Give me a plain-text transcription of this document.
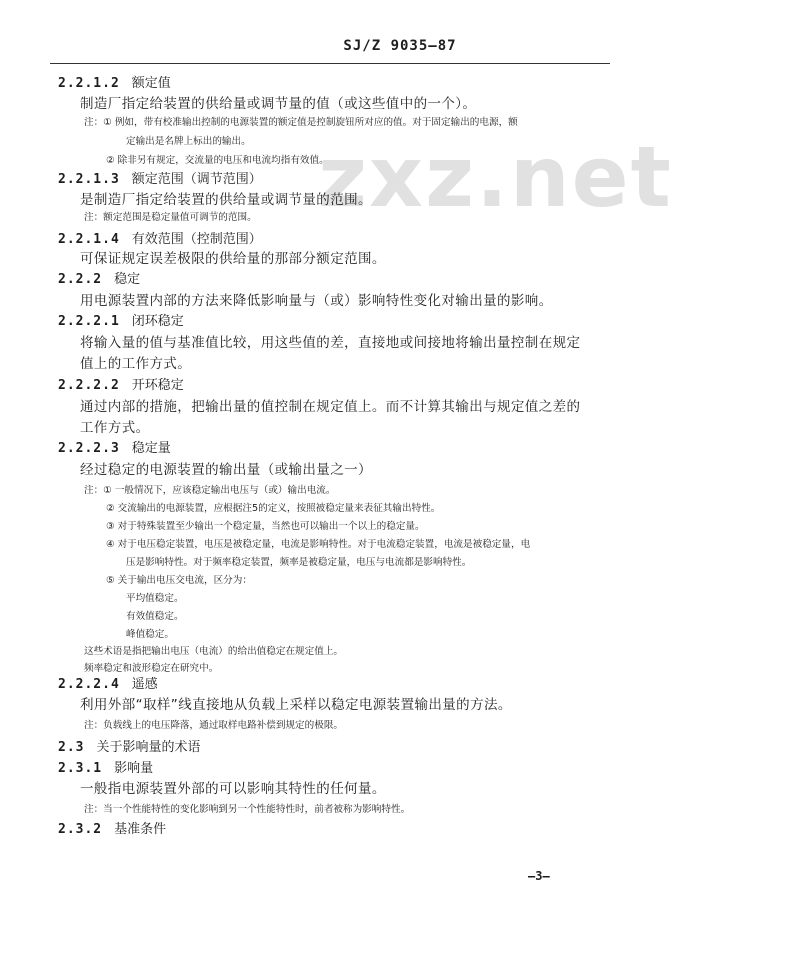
zxz.net
SJ/Z 9035—87
2.2.1.2 额定值
制造厂指定给装置的供给量或调节量的值（或这些值中的一个）。
注：① 例如，带有校准输出控制的电源装置的额定值是控制旋钮所对应的值。对于固定输出的电源，额
定输出是名牌上标出的输出。
② 除非另有规定，交流量的电压和电流均指有效值。
2.2.1.3 额定范围（调节范围）
是制造厂指定给装置的供给量或调节量的范围。
注：额定范围是稳定量值可调节的范围。
2.2.1.4 有效范围（控制范围）
可保证规定误差极限的供给量的那部分额定范围。
2.2.2 稳定
用电源装置内部的方法来降低影响量与（或）影响特性变化对输出量的影响。
2.2.2.1 闭环稳定
将输入量的值与基准值比较，用这些值的差，直接地或间接地将输出量控制在规定
值上的工作方式。
2.2.2.2 开环稳定
通过内部的措施，把输出量的值控制在规定值上。而不计算其输出与规定值之差的
工作方式。
2.2.2.3 稳定量
经过稳定的电源装置的输出量（或输出量之一）
注：① 一般情况下，应该稳定输出电压与（或）输出电流。
② 交流输出的电源装置，应根据注5的定义，按照被稳定量来表征其输出特性。
③ 对于特殊装置至少输出一个稳定量，当然也可以输出一个以上的稳定量。
④ 对于电压稳定装置，电压是被稳定量，电流是影响特性。对于电流稳定装置，电流是被稳定量，电
压是影响特性。对于频率稳定装置，频率是被稳定量，电压与电流都是影响特性。
⑤ 关于输出电压交电流，区分为：
平均值稳定。
有效值稳定。
峰值稳定。
这些术语是指把输出电压（电流）的给出值稳定在规定值上。
频率稳定和波形稳定在研究中。
2.2.2.4 遥感
利用外部“取样”线直接地从负载上采样以稳定电源装置输出量的方法。
注：负载线上的电压降落，通过取样电路补偿到规定的极限。
2.3 关于影响量的术语
2.3.1 影响量
一般指电源装置外部的可以影响其特性的任何量。
注：当一个性能特性的变化影响到另一个性能特性时，前者被称为影响特性。
2.3.2 基准条件
—3—
